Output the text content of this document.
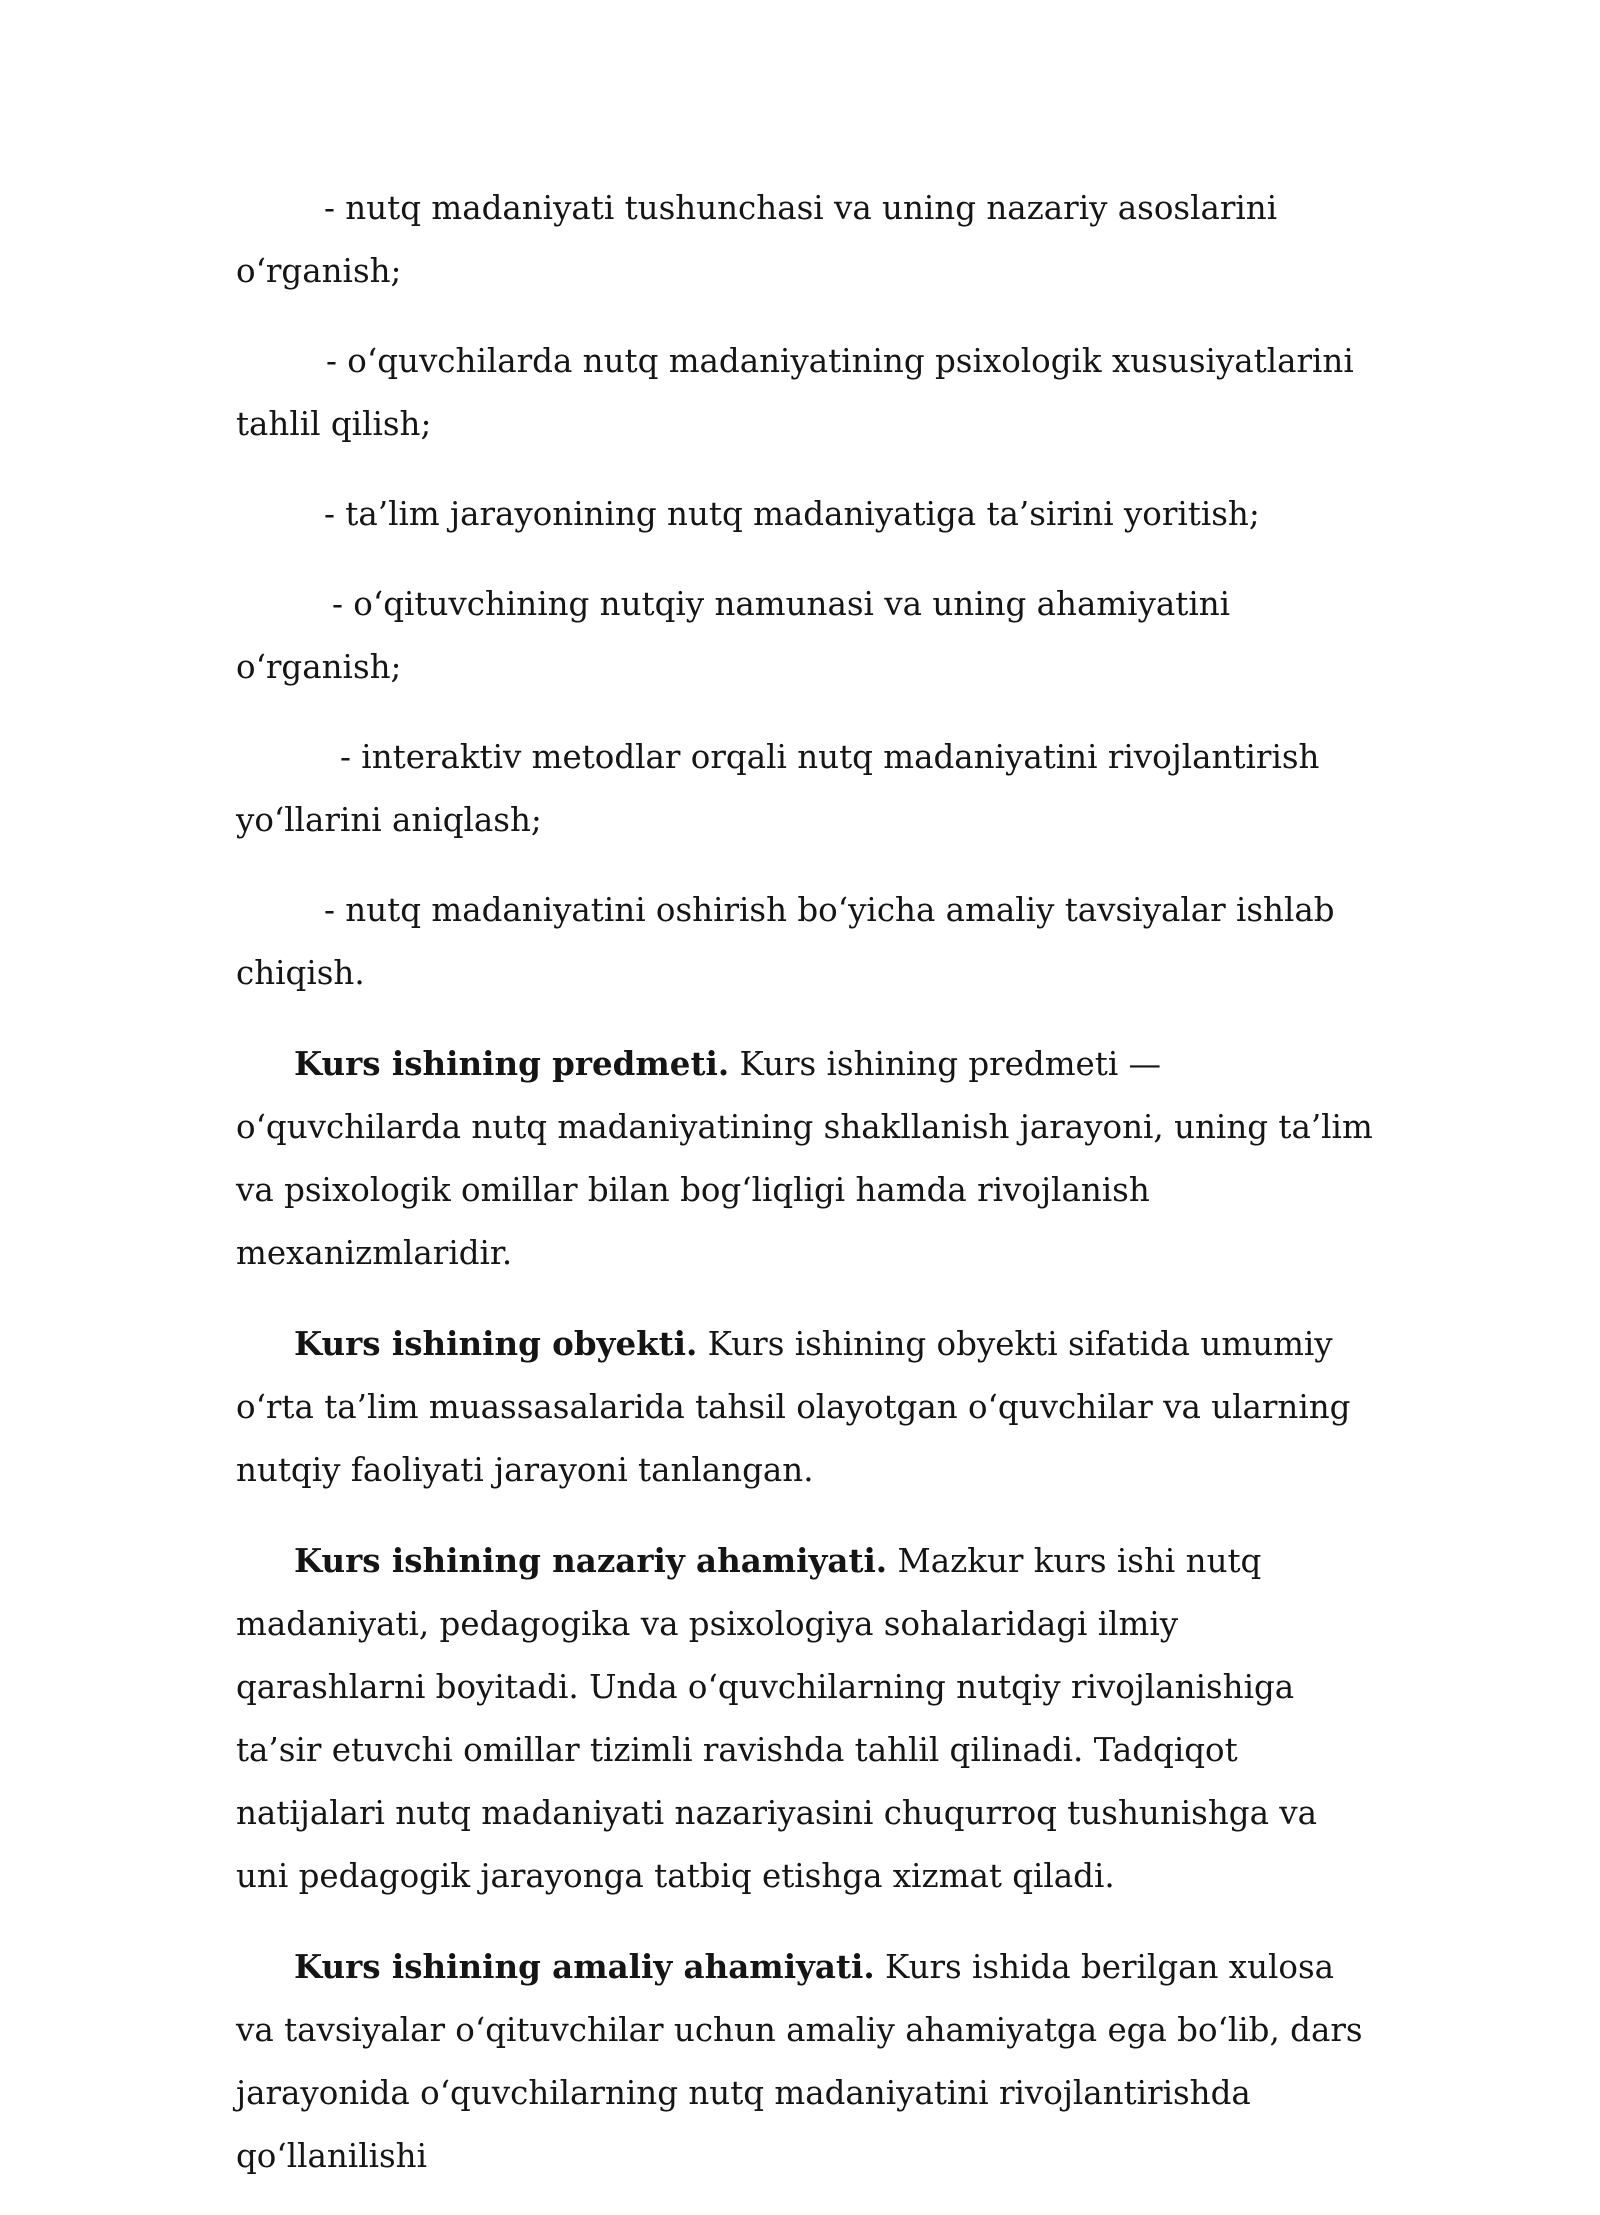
- nutq madaniyati tushunchasi va uning nazariy asoslarini o‘rganish;

- o‘quvchilarda nutq madaniyatining psixologik xususiyatlarini tahlil qilish;

- ta’lim jarayonining nutq madaniyatiga ta’sirini yoritish;

- o‘qituvchining nutqiy namunasi va uning ahamiyatini o‘rganish;

- interaktiv metodlar orqali nutq madaniyatini rivojlantirish yo‘llarini aniqlash;

- nutq madaniyatini oshirish bo‘yicha amaliy tavsiyalar ishlab chiqish.

Kurs ishining predmeti. Kurs ishining predmeti — o‘quvchilarda nutq madaniyatining shakllanish jarayoni, uning ta’lim va psixologik omillar bilan bog‘liqligi hamda rivojlanish mexanizmlaridir.

Kurs ishining obyekti. Kurs ishining obyekti sifatida umumiy o‘rta ta’lim muassasalarida tahsil olayotgan o‘quvchilar va ularning nutqiy faoliyati jarayoni tanlangan.

Kurs ishining nazariy ahamiyati. Mazkur kurs ishi nutq madaniyati, pedagogika va psixologiya sohalaridagi ilmiy qarashlarni boyitadi. Unda o‘quvchilarning nutqiy rivojlanishiga ta’sir etuvchi omillar tizimli ravishda tahlil qilinadi. Tadqiqot natijalari nutq madaniyati nazariyasini chuqurroq tushunishga va uni pedagogik jarayonga tatbiq etishga xizmat qiladi.

Kurs ishining amaliy ahamiyati. Kurs ishida berilgan xulosa va tavsiyalar o‘qituvchilar uchun amaliy ahamiyatga ega bo‘lib, dars jarayonida o‘quvchilarning nutq madaniyatini rivojlantirishda qo‘llanilishi
